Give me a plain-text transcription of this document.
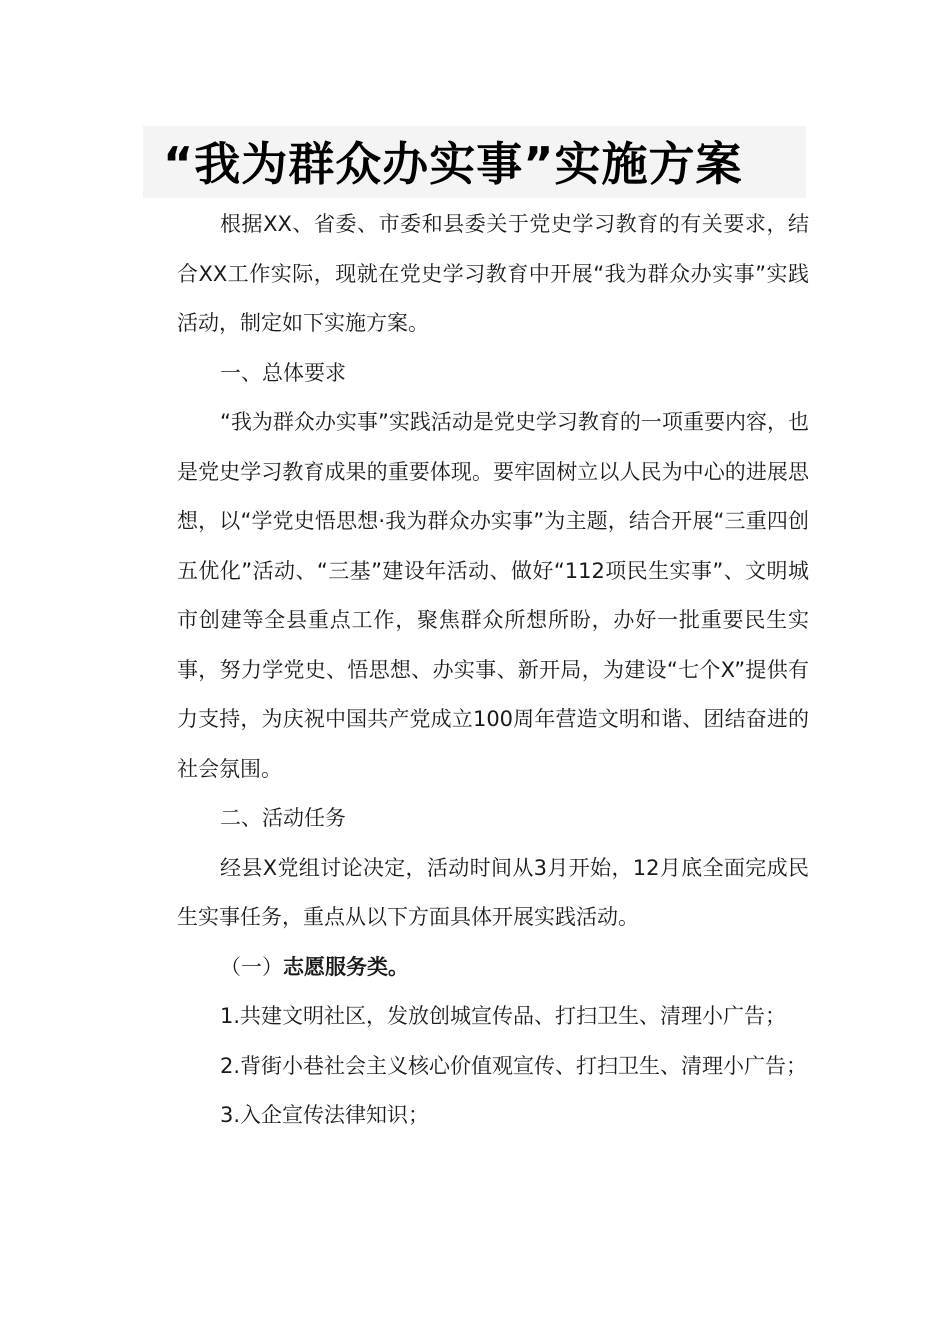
“我为群众办实事”实施方案

根据XX、省委、市委和县委关于党史学习教育的有关要求，结合XX工作实际，现就在党史学习教育中开展“我为群众办实事”实践活动，制定如下实施方案。

一、总体要求

“我为群众办实事”实践活动是党史学习教育的一项重要内容，也是党史学习教育成果的重要体现。要牢固树立以人民为中心的进展思想，以“学党史悟思想·我为群众办实事”为主题，结合开展“三重四创五优化”活动、“三基”建设年活动、做好“112项民生实事”、文明城市创建等全县重点工作，聚焦群众所想所盼，办好一批重要民生实事，努力学党史、悟思想、办实事、新开局，为建设“七个X”提供有力支持，为庆祝中国共产党成立100周年营造文明和谐、团结奋进的社会氛围。

二、活动任务

经县X党组讨论决定，活动时间从3月开始，12月底全面完成民生实事任务，重点从以下方面具体开展实践活动。

（一）志愿服务类。

1.共建文明社区，发放创城宣传品、打扫卫生、清理小广告；

2.背街小巷社会主义核心价值观宣传、打扫卫生、清理小广告；

3.入企宣传法律知识；
